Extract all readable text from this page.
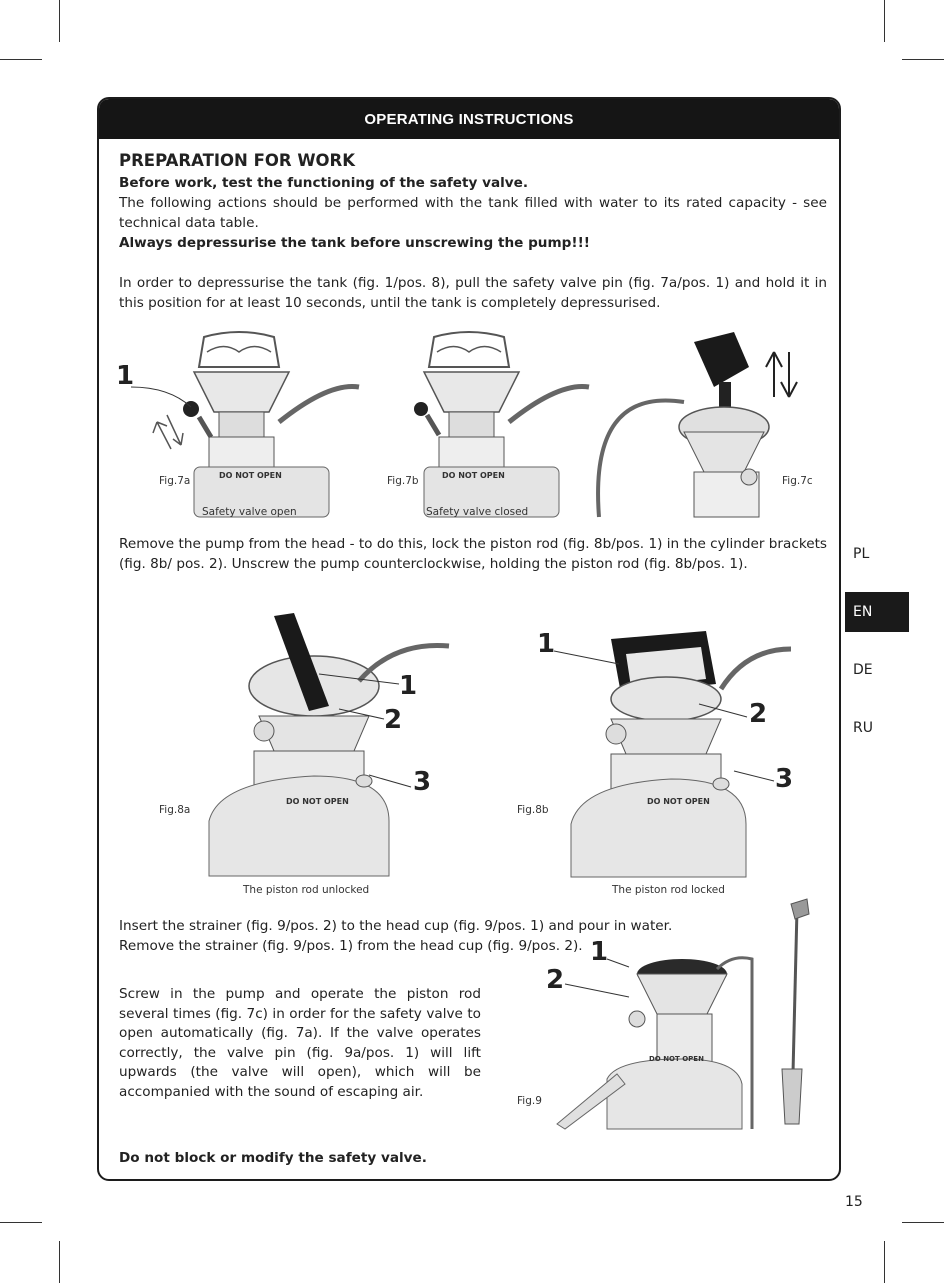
OPERATING INSTRUCTIONS
PREPARATION FOR WORK
Before work, test the functioning of the safety valve.
The following actions should be performed with the tank filled with water to its rated capacity - see technical data table.
Always depressurise the tank before unscrewing the pump!!!
In order to depressurise the tank (fig. 1/pos. 8), pull the safety valve pin (fig. 7a/pos. 1) and hold it in this position for at least 10 seconds, until the tank is completely depressurised.
1
Fig.7a
Safety valve open
DO NOT OPEN	Fig.7b
Safety valve closed
DO NOT OPEN	Fig.7c
Remove the pump from the head - to do this, lock the piston rod (fig. 8b/pos. 1) in the cylinder brackets (fig. 8b/ pos. 2). Unscrew the pump counterclockwise, holding the piston rod (fig. 8b/pos. 1).
1
2
3
Fig.8a
The piston rod unlocked
DO NOT OPEN
1
2
3
Fig.8b
The piston rod locked
DO NOT OPEN
Insert the strainer (fig. 9/pos. 2) to the head cup (fig. 9/pos. 1) and pour in water.
Remove the strainer (fig. 9/pos. 1) from the head cup (fig. 9/pos. 2).
Screw in the pump and operate the piston rod several times (fig. 7c) in order for the safety valve to open automatically (fig. 7a). If the valve operates correctly, the valve pin (fig. 9a/pos. 1) will lift upwards (the valve will open), which will be accompanied with the sound of escaping air.
1
2
Fig.9
DO NOT OPEN
Do not block or modify the safety valve.
PL
EN
DE
RU
15
